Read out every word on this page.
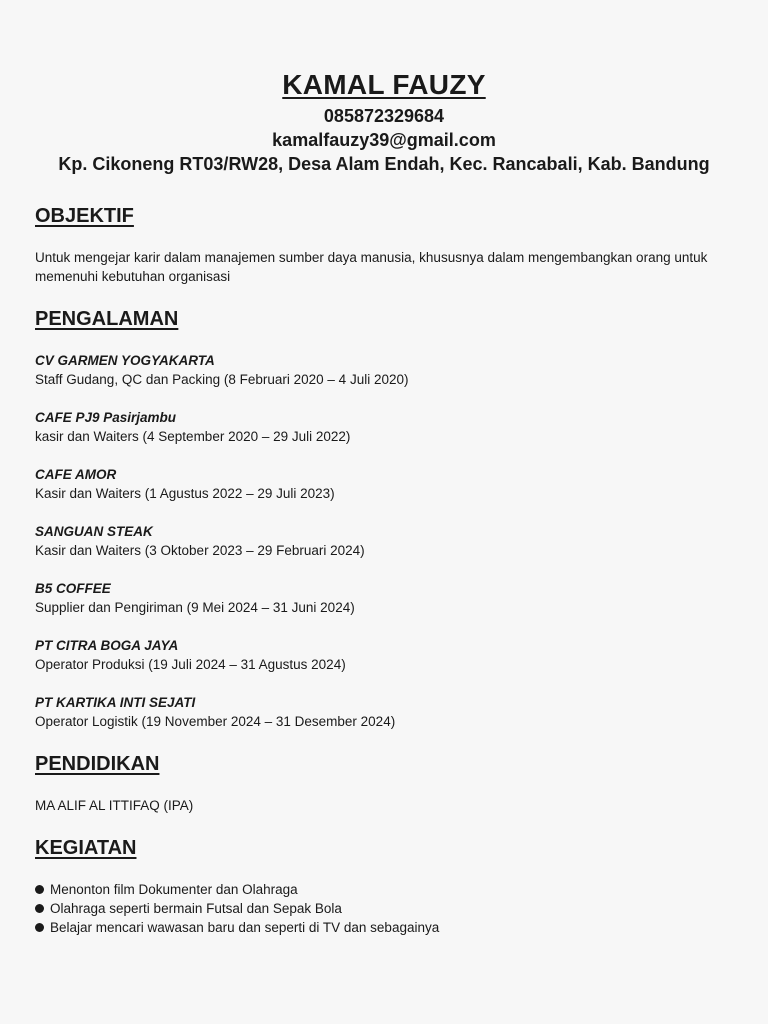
KAMAL FAUZY
085872329684
kamalfauzy39@gmail.com
Kp. Cikoneng RT03/RW28, Desa Alam Endah, Kec. Rancabali, Kab. Bandung
OBJEKTIF
Untuk mengejar karir dalam manajemen sumber daya manusia, khususnya dalam mengembangkan orang untuk memenuhi kebutuhan organisasi
PENGALAMAN
CV GARMEN YOGYAKARTA
Staff Gudang, QC dan Packing (8 Februari 2020 – 4 Juli 2020)
CAFE PJ9 Pasirjambu
kasir dan Waiters (4 September 2020 – 29 Juli 2022)
CAFE AMOR
Kasir dan Waiters (1 Agustus 2022 – 29 Juli 2023)
SANGUAN STEAK
Kasir dan Waiters (3 Oktober 2023 – 29 Februari 2024)
B5 COFFEE
Supplier dan Pengiriman (9 Mei 2024 – 31 Juni 2024)
PT CITRA BOGA JAYA
Operator Produksi (19 Juli 2024 – 31 Agustus 2024)
PT KARTIKA INTI SEJATI
Operator Logistik (19 November 2024 – 31 Desember 2024)
PENDIDIKAN
MA ALIF AL ITTIFAQ (IPA)
KEGIATAN
Menonton film Dokumenter dan Olahraga
Olahraga seperti bermain Futsal dan Sepak Bola
Belajar mencari wawasan baru dan seperti di TV dan sebagainya
